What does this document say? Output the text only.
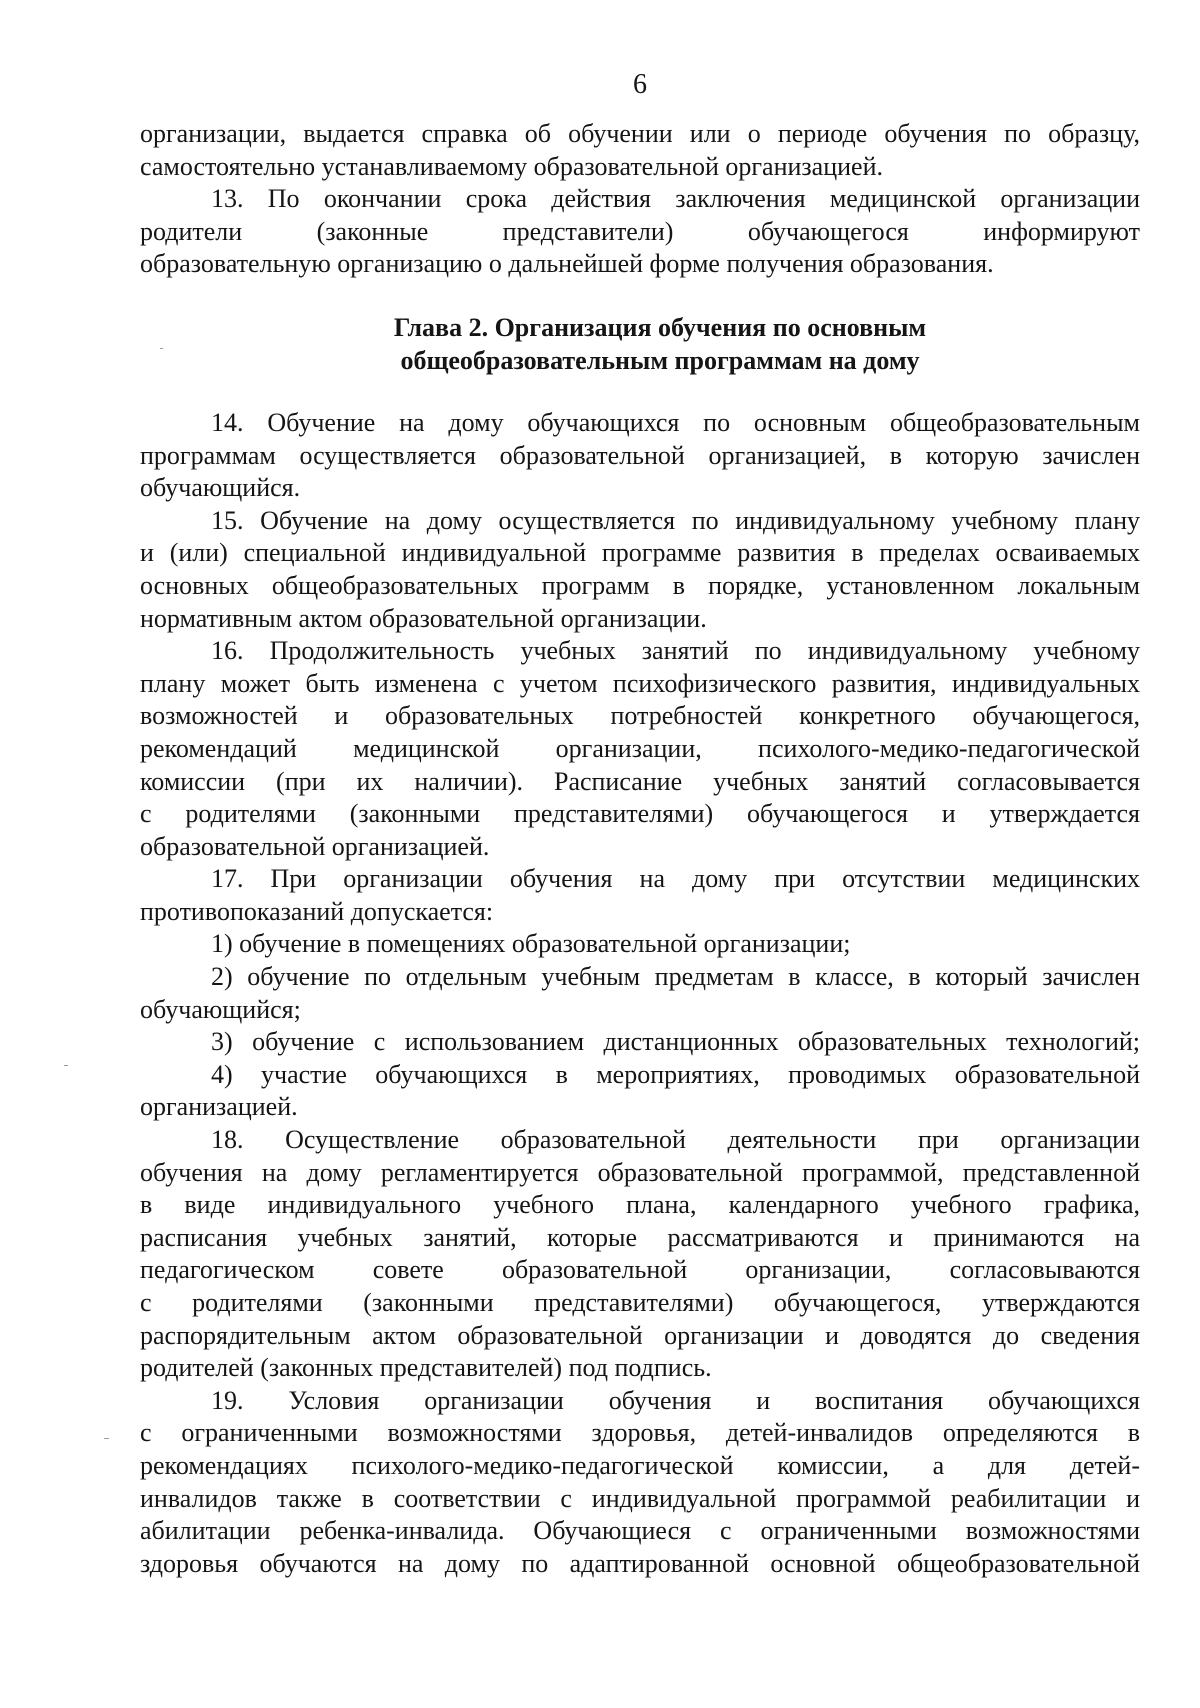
6
организации, выдается справка об обучении или о периоде обучения по образцу,
самостоятельно устанавливаемому образовательной организацией.
13. По окончании срока действия заключения медицинской организации
родители (законные представители) обучающегося информируют
образовательную организацию о дальнейшей форме получения образования.
Глава 2. Организация обучения по основным
общеобразовательным программам на дому
14. Обучение на дому обучающихся по основным общеобразовательным
программам осуществляется образовательной организацией, в которую зачислен
обучающийся.
15. Обучение на дому осуществляется по индивидуальному учебному плану
и (или) специальной индивидуальной программе развития в пределах осваиваемых
основных общеобразовательных программ в порядке, установленном локальным
нормативным актом образовательной организации.
16. Продолжительность учебных занятий по индивидуальному учебному
плану может быть изменена с учетом психофизического развития, индивидуальных
возможностей и образовательных потребностей конкретного обучающегося,
рекомендаций медицинской организации, психолого-медико-педагогической
комиссии (при их наличии). Расписание учебных занятий согласовывается
с родителями (законными представителями) обучающегося и утверждается
образовательной организацией.
17. При организации обучения на дому при отсутствии медицинских
противопоказаний допускается:
1) обучение в помещениях образовательной организации;
2) обучение по отдельным учебным предметам в классе, в который зачислен
обучающийся;
3) обучение с использованием дистанционных образовательных технологий;
4) участие обучающихся в мероприятиях, проводимых образовательной
организацией.
18. Осуществление образовательной деятельности при организации
обучения на дому регламентируется образовательной программой, представленной
в виде индивидуального учебного плана, календарного учебного графика,
расписания учебных занятий, которые рассматриваются и принимаются на
педагогическом совете образовательной организации, согласовываются
с родителями (законными представителями) обучающегося, утверждаются
распорядительным актом образовательной организации и доводятся до сведения
родителей (законных представителей) под подпись.
19. Условия организации обучения и воспитания обучающихся
с ограниченными возможностями здоровья, детей-инвалидов определяются в
рекомендациях психолого-медико-педагогической комиссии, а для детей-
инвалидов также в соответствии с индивидуальной программой реабилитации и
абилитации ребенка-инвалида. Обучающиеся с ограниченными возможностями
здоровья обучаются на дому по адаптированной основной общеобразовательной
